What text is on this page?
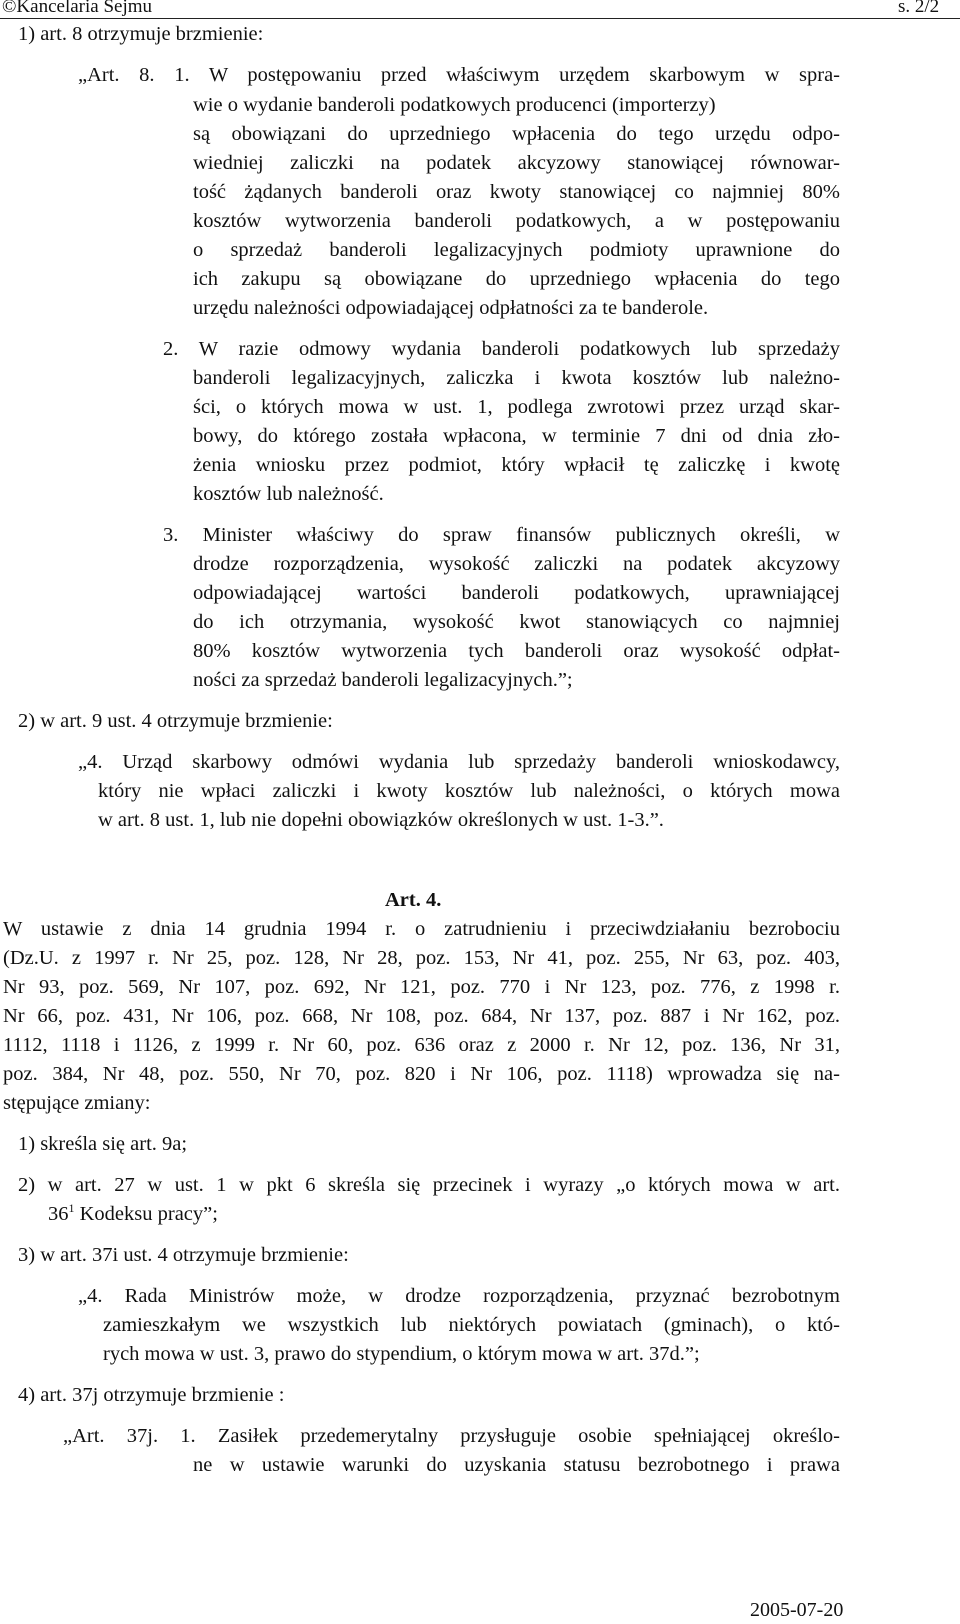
©Kancelaria Sejmu	s. 2/2
1) art. 8 otrzymuje brzmienie:
„Art. 8. 1. W postępowaniu przed właściwym urzędem skarbowym w spra-
wie o wydanie banderoli podatkowych producenci (importerzy)
są obowiązani do uprzedniego wpłacenia do tego urzędu odpo-
wiedniej zaliczki na podatek akcyzowy stanowiącej równowar-
tość żądanych banderoli oraz kwoty stanowiącej co najmniej 80%
kosztów wytworzenia banderoli podatkowych, a w postępowaniu
o sprzedaż banderoli legalizacyjnych podmioty uprawnione do
ich zakupu są obowiązane do uprzedniego wpłacenia do tego
urzędu należności odpowiadającej odpłatności za te banderole.
2. W razie odmowy wydania banderoli podatkowych lub sprzedaży
banderoli legalizacyjnych, zaliczka i kwota kosztów lub należno-
ści, o których mowa w ust. 1, podlega zwrotowi przez urząd skar-
bowy, do którego została wpłacona, w terminie 7 dni od dnia zło-
żenia wniosku przez podmiot, który wpłacił tę zaliczkę i kwotę
kosztów lub należność.
3. Minister właściwy do spraw finansów publicznych określi, w
drodze rozporządzenia, wysokość zaliczki na podatek akcyzowy
odpowiadającej wartości banderoli podatkowych, uprawniającej
do ich otrzymania, wysokość kwot stanowiących co najmniej
80% kosztów wytworzenia tych banderoli oraz wysokość odpłat-
ności za sprzedaż banderoli legalizacyjnych.”;
2) w art. 9 ust. 4 otrzymuje brzmienie:
„4. Urząd skarbowy odmówi wydania lub sprzedaży banderoli wnioskodawcy,
który nie wpłaci zaliczki i kwoty kosztów lub należności, o których mowa
w art. 8 ust. 1, lub nie dopełni obowiązków określonych w ust. 1-3.”.
Art. 4.
W ustawie z dnia 14 grudnia 1994 r. o zatrudnieniu i przeciwdziałaniu bezrobociu
(Dz.U. z 1997 r. Nr 25, poz. 128, Nr 28, poz. 153, Nr 41, poz. 255, Nr 63, poz. 403,
Nr 93, poz. 569, Nr 107, poz. 692, Nr 121, poz. 770 i Nr 123, poz. 776, z 1998 r.
Nr 66, poz. 431, Nr 106, poz. 668, Nr 108, poz. 684, Nr 137, poz. 887 i Nr 162, poz.
1112, 1118 i 1126, z 1999 r. Nr 60, poz. 636 oraz z 2000 r. Nr 12, poz. 136, Nr 31,
poz. 384, Nr 48, poz. 550, Nr 70, poz. 820 i Nr 106, poz. 1118) wprowadza się na-
stępujące zmiany:
1) skreśla się art. 9a;
2) w art. 27 w ust. 1 w pkt 6 skreśla się przecinek i wyrazy „o których mowa w art.
$36^1$ Kodeksu pracy”;
3) w art. 37i ust. 4 otrzymuje brzmienie:
„4. Rada Ministrów może, w drodze rozporządzenia, przyznać bezrobotnym
zamieszkałym we wszystkich lub niektórych powiatach (gminach), o któ-
rych mowa w ust. 3, prawo do stypendium, o którym mowa w art. 37d.”;
4) art. 37j otrzymuje brzmienie :
„Art. 37j. 1. Zasiłek przedemerytalny przysługuje osobie spełniającej określo-
ne w ustawie warunki do uzyskania statusu bezrobotnego i prawa
2005-07-20
